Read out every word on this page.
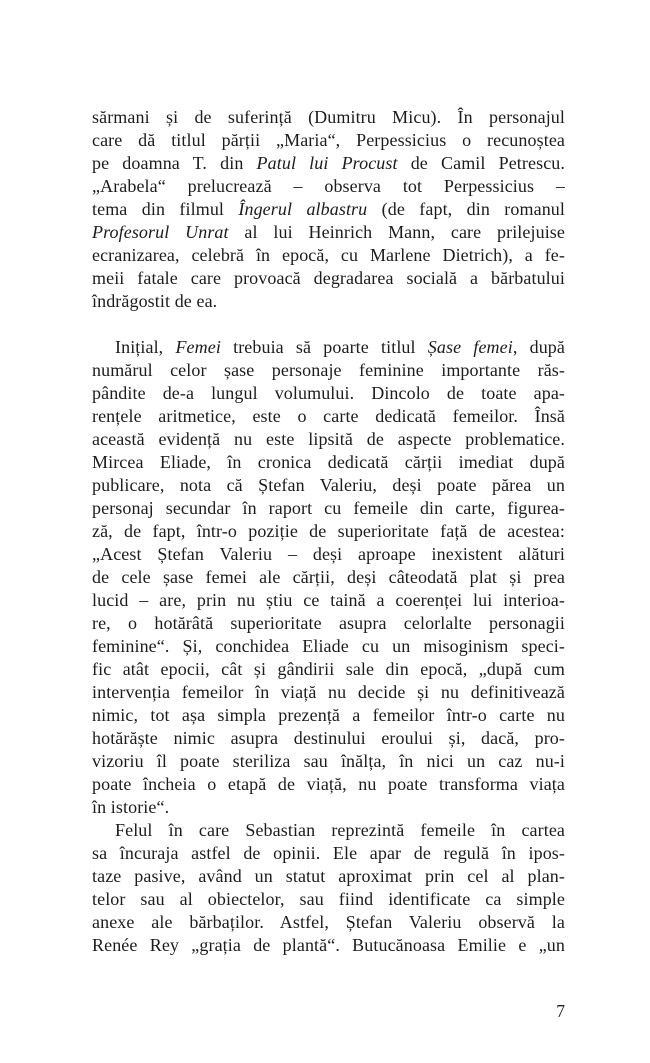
sărmani și de suferință (Dumitru Micu). În personajul
care dă titlul părții „Maria“, Perpessicius o recunoștea
pe doamna T. din Patul lui Procust de Camil Petrescu.
„Arabela“ prelucrează – observa tot Perpessicius –
tema din filmul Îngerul albastru (de fapt, din romanul
Profesorul Unrat al lui Heinrich Mann, care prilejuise
ecranizarea, celebră în epocă, cu Marlene Dietrich), a fe-
meii fatale care provoacă degradarea socială a bărbatului
îndrăgostit de ea.
Inițial, Femei trebuia să poarte titlul Șase femei, după
numărul celor șase personaje feminine importante răs-
pândite de-a lungul volumului. Dincolo de toate apa-
rențele aritmetice, este o carte dedicată femeilor. Însă
această evidență nu este lipsită de aspecte problematice.
Mircea Eliade, în cronica dedicată cărții imediat după
publicare, nota că Ștefan Valeriu, deși poate părea un
personaj secundar în raport cu femeile din carte, figurea-
ză, de fapt, într-o poziție de superioritate față de acestea:
„Acest Ștefan Valeriu – deși aproape inexistent alături
de cele șase femei ale cărții, deși câteodată plat și prea
lucid – are, prin nu știu ce taină a coerenței lui interioa-
re, o hotărâtă superioritate asupra celorlalte personagii
feminine“. Și, conchidea Eliade cu un misoginism speci-
fic atât epocii, cât și gândirii sale din epocă, „după cum
intervenția femeilor în viață nu decide și nu definitivează
nimic, tot așa simpla prezență a femeilor într-o carte nu
hotărăște nimic asupra destinului eroului și, dacă, pro-
vizoriu îl poate steriliza sau înălța, în nici un caz nu-i
poate încheia o etapă de viață, nu poate transforma viața
în istorie“.
Felul în care Sebastian reprezintă femeile în cartea
sa încuraja astfel de opinii. Ele apar de regulă în ipos-
taze pasive, având un statut aproximat prin cel al plan-
telor sau al obiectelor, sau fiind identificate ca simple
anexe ale bărbaților. Astfel, Ștefan Valeriu observă la
Renée Rey „grația de plantă“. Butucănoasa Emilie e „un
7
